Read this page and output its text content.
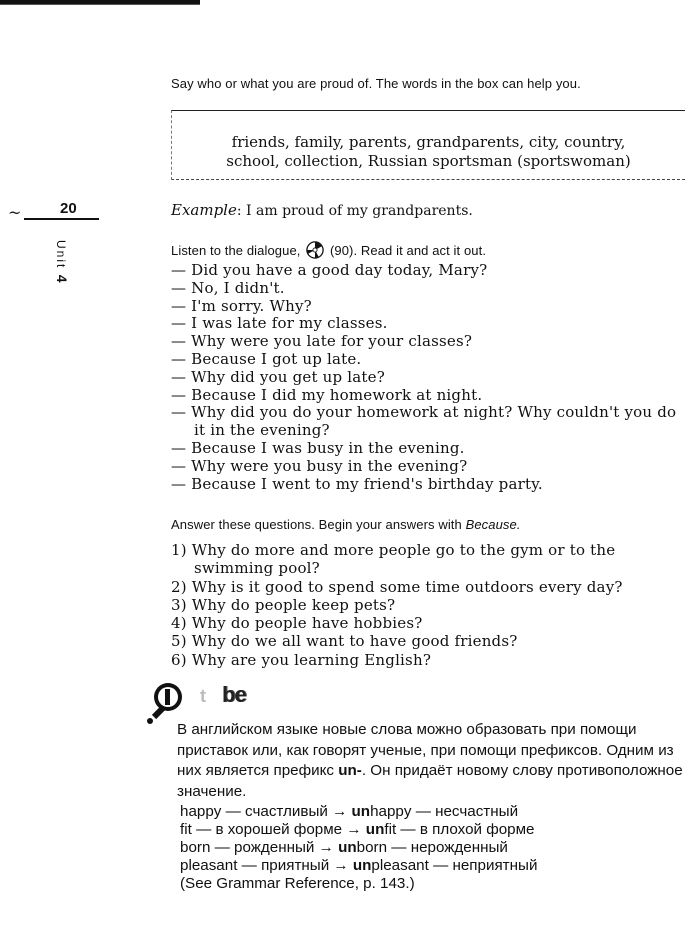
Say who or what you are proud of. The words in the box can help you.
friends, family, parents, grandparents, city, country,
school, collection, Russian sportsman (sportswoman)
~	20
Unit 4
Example: I am proud of my grandparents.
Listen to the dialogue, (90). Read it and act it out.
— Did you have a good day today, Mary?
— No, I didn't.
— I'm sorry. Why?
— I was late for my classes.
— Why were you late for your classes?
— Because I got up late.
— Why did you get up late?
— Because I did my homework at night.
— Why did you do your homework at night? Why couldn't you do it in the evening?
— Because I was busy in the evening.
— Why were you busy in the evening?
— Because I went to my friend's birthday party.
Answer these questions. Begin your answers with Because.
1) Why do more and more people go to the gym or to the swimming pool?
2) Why is it good to spend some time outdoors every day?
3) Why do people keep pets?
4) Why do people have hobbies?
5) Why do we all want to have good friends?
6) Why are you learning English?
t be
В английском языке новые слова можно образовать при помощи приставок или, как говорят ученые, при помощи префиксов. Одним из них является префикс un-. Он придаёт новому слову противоположное значение.
happy — счастливый → unhappy — несчастный
fit — в хорошей форме → unfit — в плохой форме
born — рожденный → unborn — нерожденный
pleasant — приятный → unpleasant — неприятный
(See Grammar Reference, p. 143.)
